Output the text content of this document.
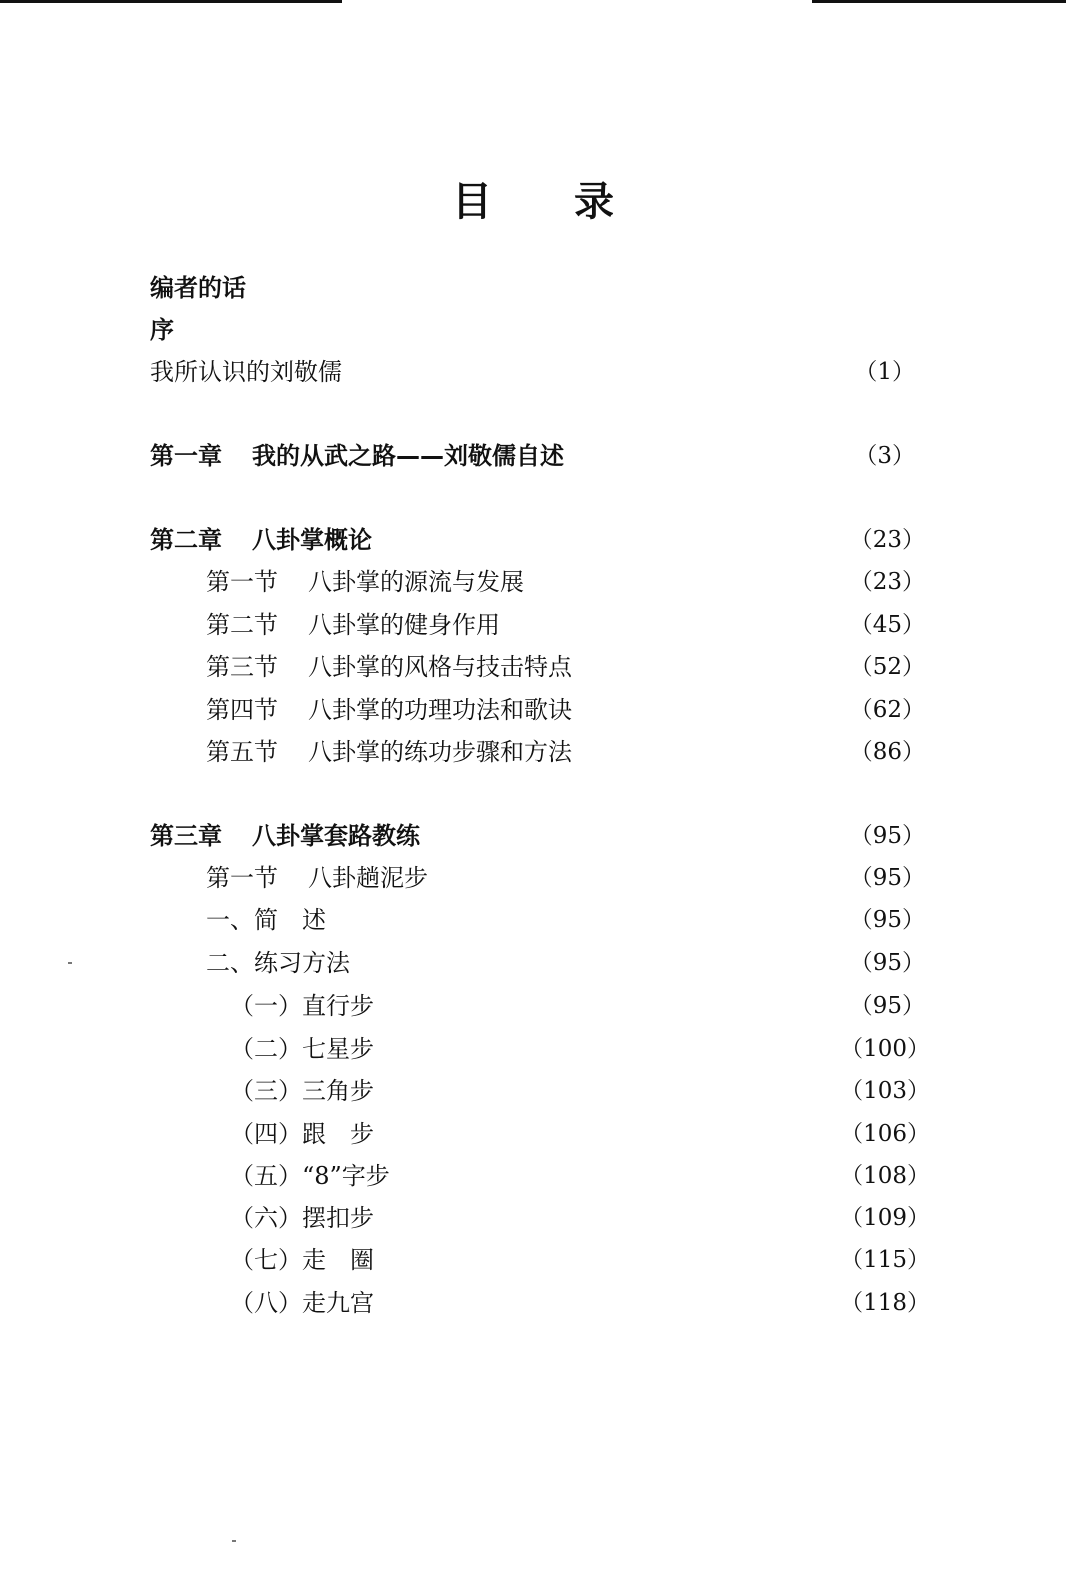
目 录
编者的话
序
我所认识的刘敬儒	（1）
第一章 我的从武之路——刘敬儒自述	（3）
第二章 八卦掌概论	（23）
第一节 八卦掌的源流与发展	（23）
第二节 八卦掌的健身作用	（45）
第三节 八卦掌的风格与技击特点	（52）
第四节 八卦掌的功理功法和歌诀	（62）
第五节 八卦掌的练功步骤和方法	（86）
第三章 八卦掌套路教练	（95）
第一节 八卦趟泥步	（95）
一、简　述	（95）
二、练习方法	（95）
（一）直行步	（95）
（二）七星步	（100）
（三）三角步	（103）
（四）跟　步	（106）
（五）“8”字步	（108）
（六）摆扣步	（109）
（七）走　圈	（115）
（八）走九宫	（118）
